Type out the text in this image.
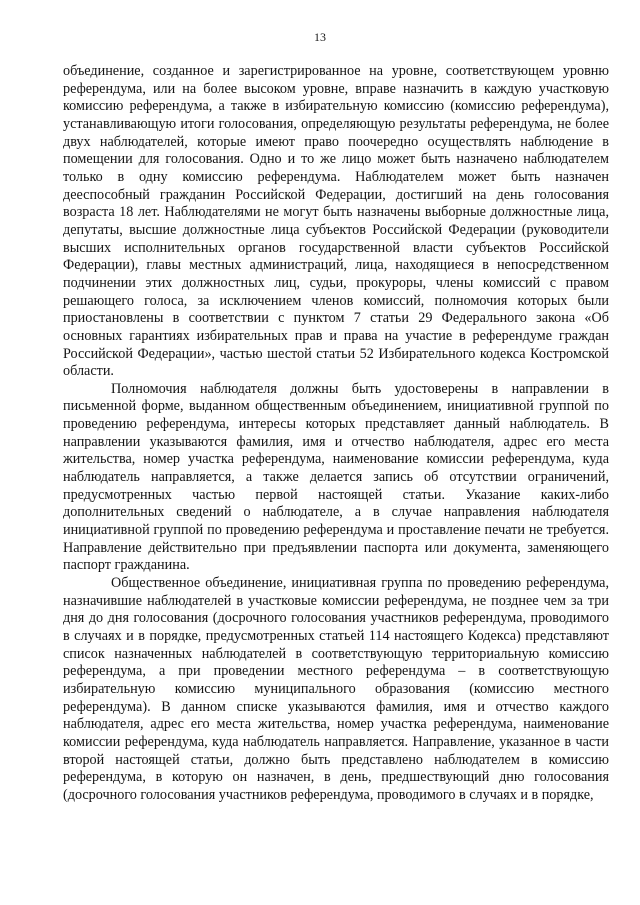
13

объединение, созданное и зарегистрированное на уровне, соответствующем уровню референдума, или на более высоком уровне, вправе назначить в каждую участковую комиссию референдума, а также в избирательную комиссию (комиссию референдума), устанавливающую итоги голосования, определяющую результаты референдума, не более двух наблюдателей, которые имеют право поочередно осуществлять наблюдение в помещении для голосования. Одно и то же лицо может быть назначено наблюдателем только в одну комиссию референдума. Наблюдателем может быть назначен дееспособный гражданин Российской Федерации, достигший на день голосования возраста 18 лет. Наблюдателями не могут быть назначены выборные должностные лица, депутаты, высшие должностные лица субъектов Российской Федерации (руководители высших исполнительных органов государственной власти субъектов Российской Федерации), главы местных администраций, лица, находящиеся в непосредственном подчинении этих должностных лиц, судьи, прокуроры, члены комиссий с правом решающего голоса, за исключением членов комиссий, полномочия которых были приостановлены в соответствии с пунктом 7 статьи 29 Федерального закона «Об основных гарантиях избирательных прав и права на участие в референдуме граждан Российской Федерации», частью шестой статьи 52 Избирательного кодекса Костромской области.

Полномочия наблюдателя должны быть удостоверены в направлении в письменной форме, выданном общественным объединением, инициативной группой по проведению референдума, интересы которых представляет данный наблюдатель. В направлении указываются фамилия, имя и отчество наблюдателя, адрес его места жительства, номер участка референдума, наименование комиссии референдума, куда наблюдатель направляется, а также делается запись об отсутствии ограничений, предусмотренных частью первой настоящей статьи. Указание каких-либо дополнительных сведений о наблюдателе, а в случае направления наблюдателя инициативной группой по проведению референдума и проставление печати не требуется. Направление действительно при предъявлении паспорта или документа, заменяющего паспорт гражданина.

Общественное объединение, инициативная группа по проведению референдума, назначившие наблюдателей в участковые комиссии референдума, не позднее чем за три дня до дня голосования (досрочного голосования участников референдума, проводимого в случаях и в порядке, предусмотренных статьей 114 настоящего Кодекса) представляют список назначенных наблюдателей в соответствующую территориальную комиссию референдума, а при проведении местного референдума – в соответствующую избирательную комиссию муниципального образования (комиссию местного референдума). В данном списке указываются фамилия, имя и отчество каждого наблюдателя, адрес его места жительства, номер участка референдума, наименование комиссии референдума, куда наблюдатель направляется. Направление, указанное в части второй настоящей статьи, должно быть представлено наблюдателем в комиссию референдума, в которую он назначен, в день, предшествующий дню голосования (досрочного голосования участников референдума, проводимого в случаях и в порядке,
